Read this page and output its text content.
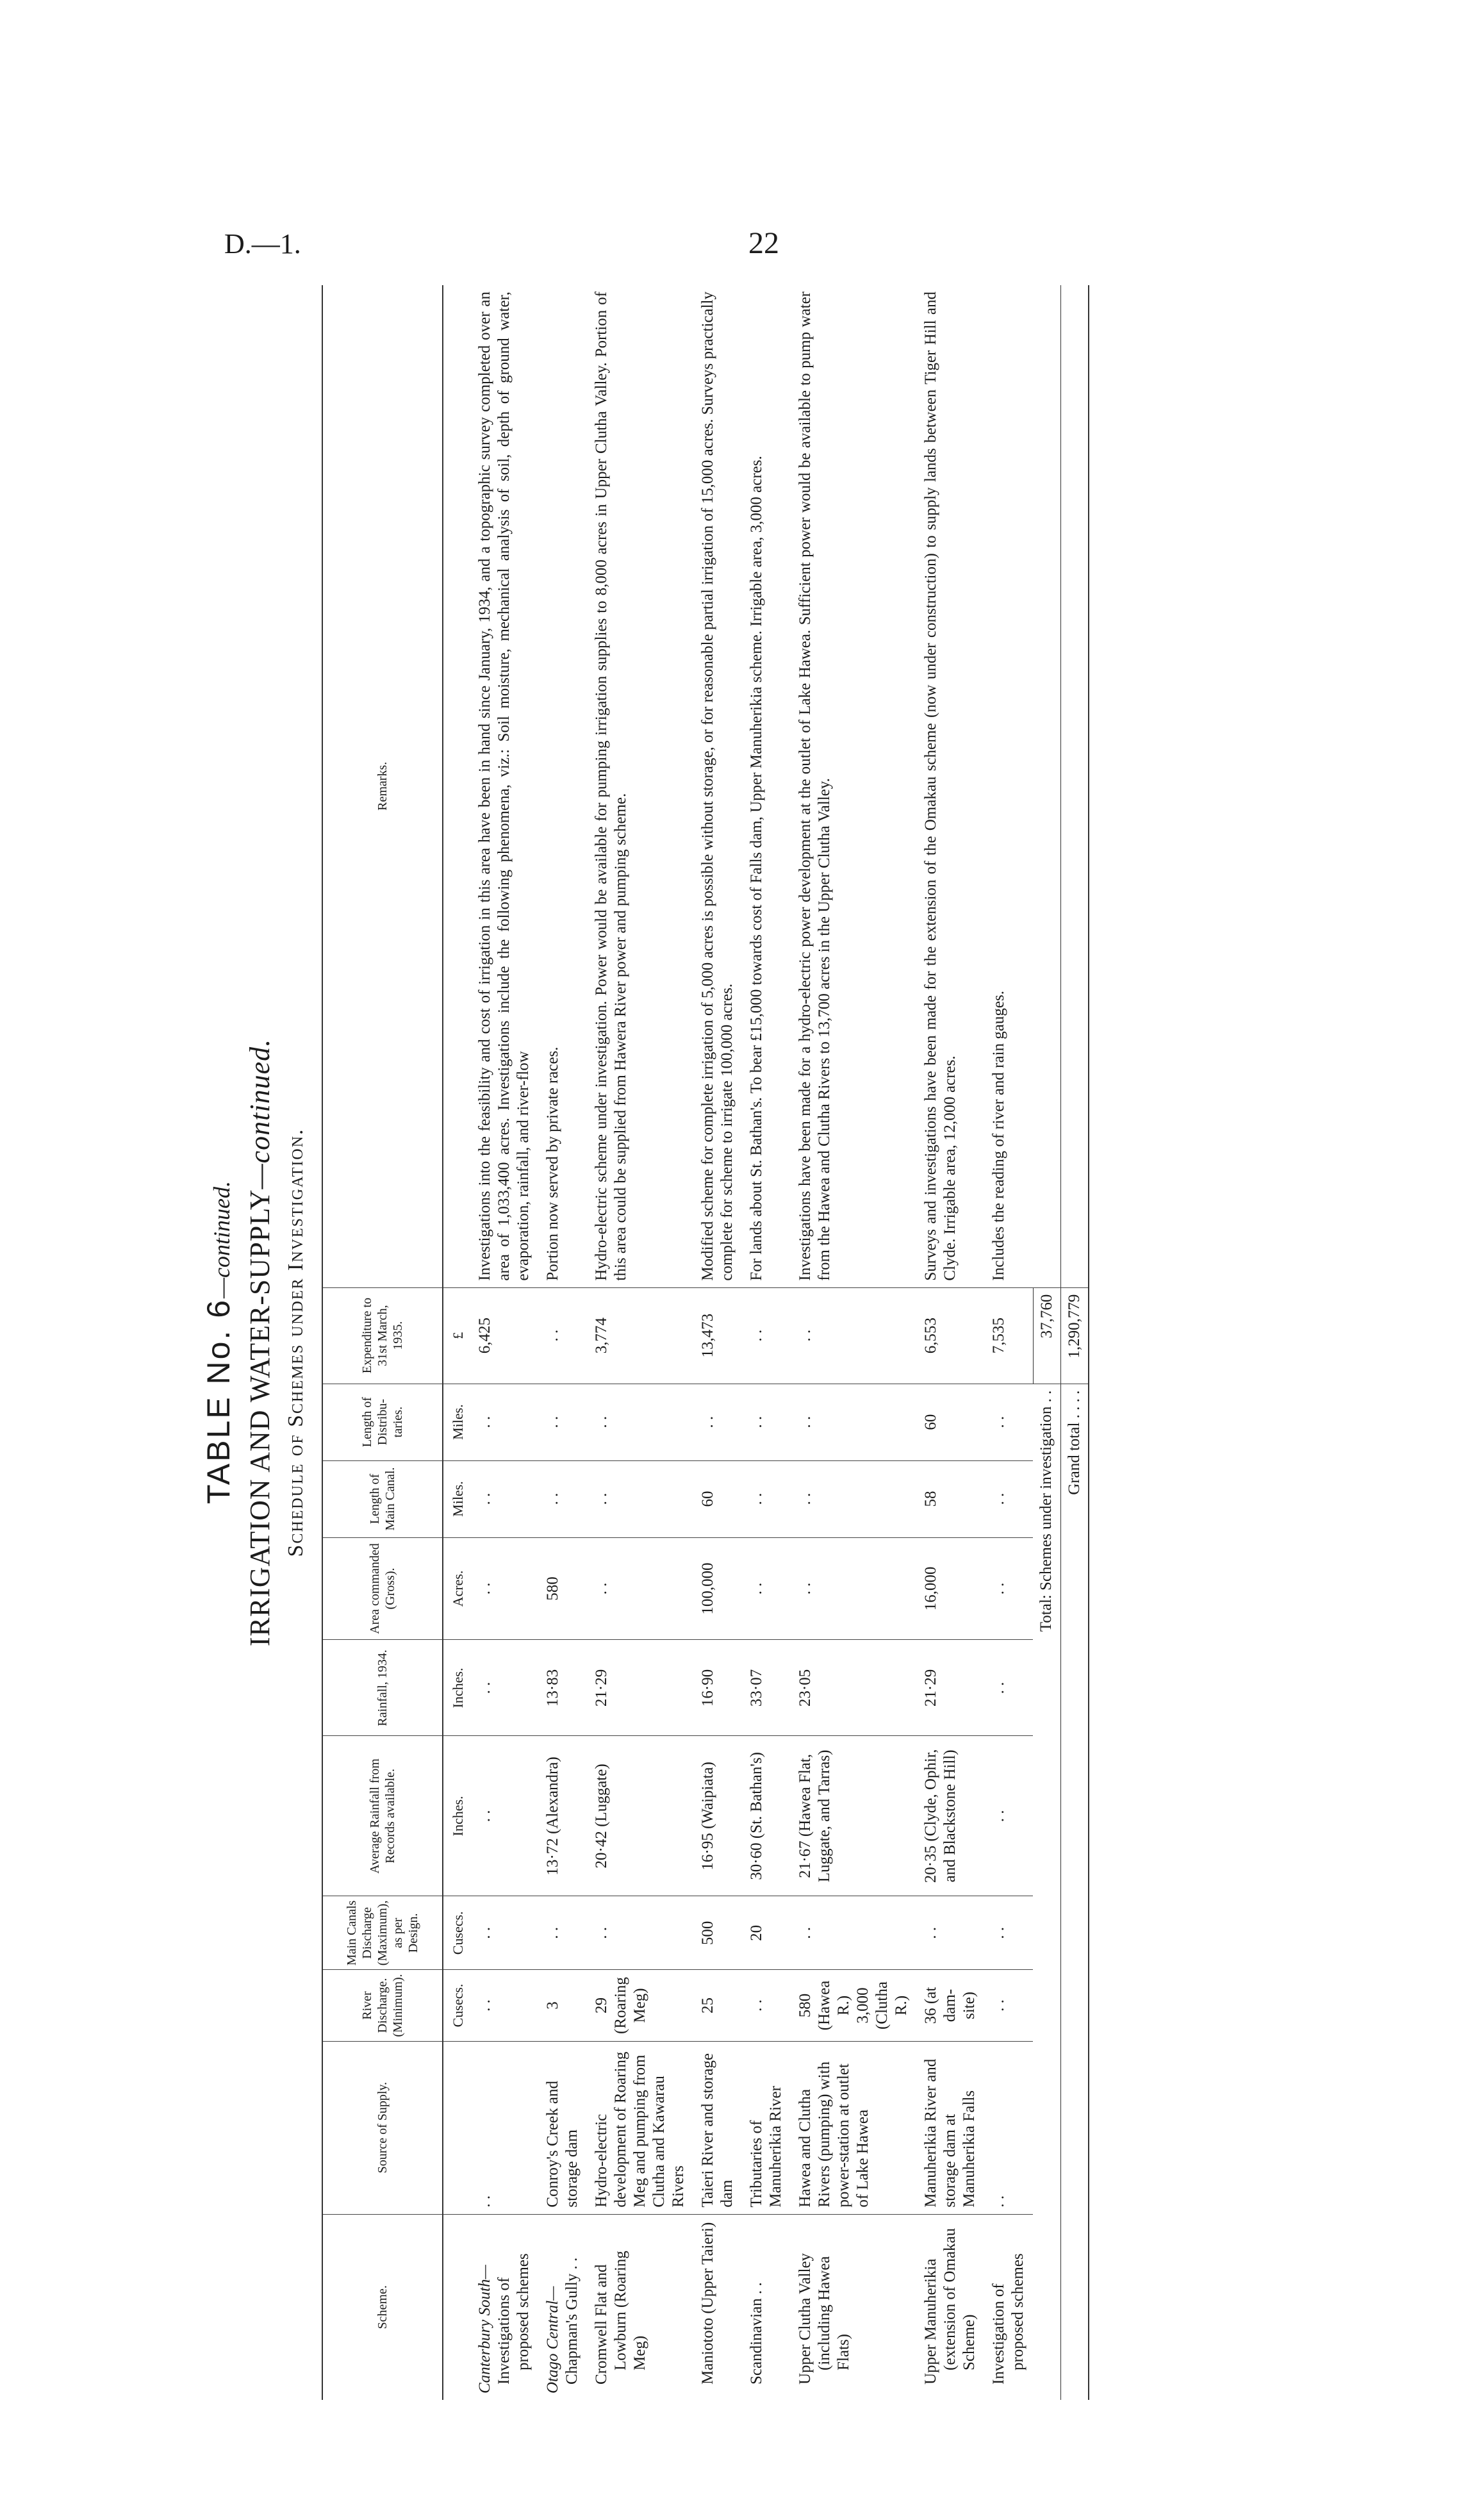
D.—1.	22
TABLE No. 6—continued. IRRIGATION AND WATER-SUPPLY—continued.
Schedule of Schemes under Investigation.
Scheme.	Source of Supply.	River Discharge. (Minimum).	Main Canals Discharge (Maximum), as per Design.	Average Rainfall from Records available.	Rainfall, 1934.	Area commanded (Gross).	Length of Main Canal.	Length of Distribu-taries.	Expenditure to 31st March, 1935.	Remarks.
		Cusecs.	Cusecs.	Inches.	Inches.	Acres.	Miles.	Miles.	£	

Canterbury South— Investigations of proposed schemes	. .	. .	. .	. .	. .	. .	. .	. .	6,425	Investigations into the feasibility and cost of irrigation in this area have been in hand since January, 1934, and a topographic survey completed over an area of 1,033,400 acres. Investigations include the following phenomena, viz.: Soil moisture, mechanical analysis of soil, depth of ground water, evaporation, rainfall, and river-flow

Otago Central— Chapman's Gully . .	Conroy's Creek and storage dam	3	. .	13·72 (Alexandra)	13·83	580	. .	. .	. .	Portion now served by private races.

Cromwell Flat and Lowburn (Roaring Meg)	Hydro-electric development of Roaring Meg and pumping from Clutha and Kawarau Rivers	29 (Roaring Meg)	. .	20·42 (Luggate)	21·29	. .	. .	. .	3,774	Hydro-electric scheme under investigation. Power would be available for pumping irrigation supplies to 8,000 acres in Upper Clutha Valley. Portion of this area could be supplied from Hawera River power and pumping scheme.

Maniototo (Upper Taieri)	Taieri River and storage dam	25	500	16·95 (Waipiata)	16·90	100,000	60	. .	13,473	Modified scheme for complete irrigation of 5,000 acres is possible without storage, or for reasonable partial irrigation of 15,000 acres. Surveys practically complete for scheme to irrigate 100,000 acres.

Scandinavian . .	Tributaries of Manuherikia River	. .	20	30·60 (St. Bathan's)	33·07	. .	. .	. .	. .	For lands about St. Bathan's. To bear £15,000 towards cost of Falls dam, Upper Manuherikia scheme. Irrigable area, 3,000 acres.

Upper Clutha Valley (including Hawea Flats)	Hawea and Clutha Rivers (pumping) with power-station at outlet of Lake Hawea	580 (Hawea R.) 3,000 (Clutha R.)	. .	21·67 (Hawea Flat, Luggate, and Tarras)	23·05	. .	. .	. .	. .	Investigations have been made for a hydro-electric power development at the outlet of Lake Hawea. Sufficient power would be available to pump water from the Hawea and Clutha Rivers to 13,700 acres in the Upper Clutha Valley.

Upper Manuherikia (extension of Omakau Scheme)	Manuherikia River and storage dam at Manuherikia Falls	36 (at dam-site)	. .	20·35 (Clyde, Ophir, and Blackstone Hill)	21·29	16,000	58	60	6,553	Surveys and investigations have been made for the extension of the Omakau scheme (now under construction) to supply lands between Tiger Hill and Clyde. Irrigable area, 12,000 acres.

Investigation of proposed schemes	. .	. .	. .	. .	. .	. .	. .	. .	7,535	Includes the reading of river and rain gauges.
Total: Schemes under investigation . .									37,760	
Grand total . . . .									1,290,779	
